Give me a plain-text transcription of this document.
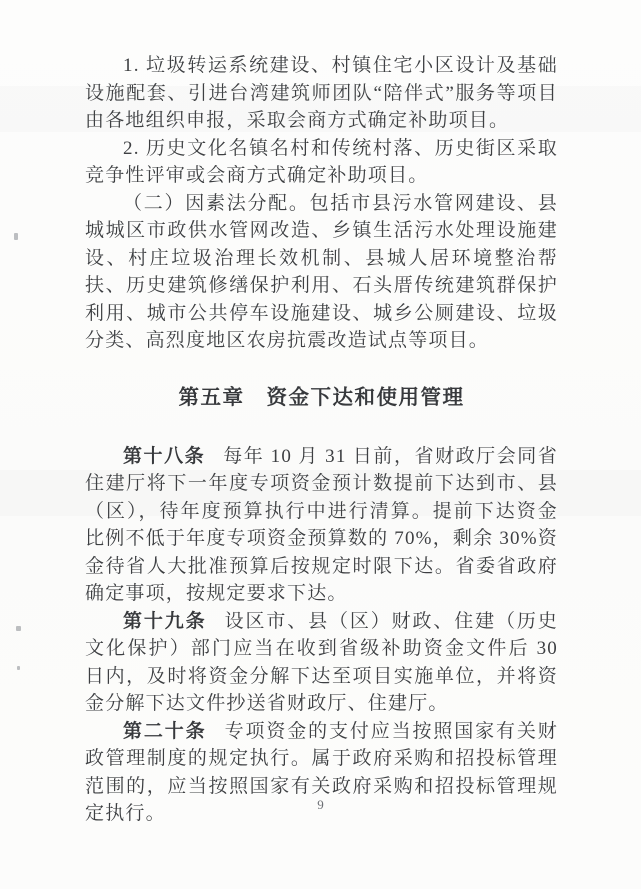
1. 垃圾转运系统建设、村镇住宅小区设计及基础设施配套、引进台湾建筑师团队“陪伴式”服务等项目由各地组织申报，采取会商方式确定补助项目。

2. 历史文化名镇名村和传统村落、历史街区采取竞争性评审或会商方式确定补助项目。

（二）因素法分配。包括市县污水管网建设、县城城区市政供水管网改造、乡镇生活污水处理设施建设、村庄垃圾治理长效机制、县城人居环境整治帮扶、历史建筑修缮保护利用、石头厝传统建筑群保护利用、城市公共停车设施建设、城乡公厕建设、垃圾分类、高烈度地区农房抗震改造试点等项目。

第五章　资金下达和使用管理

第十八条 每年 10 月 31 日前，省财政厅会同省住建厅将下一年度专项资金预计数提前下达到市、县（区），待年度预算执行中进行清算。提前下达资金比例不低于年度专项资金预算数的 70%，剩余 30%资金待省人大批准预算后按规定时限下达。省委省政府确定事项，按规定要求下达。

第十九条 设区市、县（区）财政、住建（历史文化保护）部门应当在收到省级补助资金文件后 30 日内，及时将资金分解下达至项目实施单位，并将资金分解下达文件抄送省财政厅、住建厅。

第二十条 专项资金的支付应当按照国家有关财政管理制度的规定执行。属于政府采购和招投标管理范围的，应当按照国家有关政府采购和招投标管理规定执行。	9
